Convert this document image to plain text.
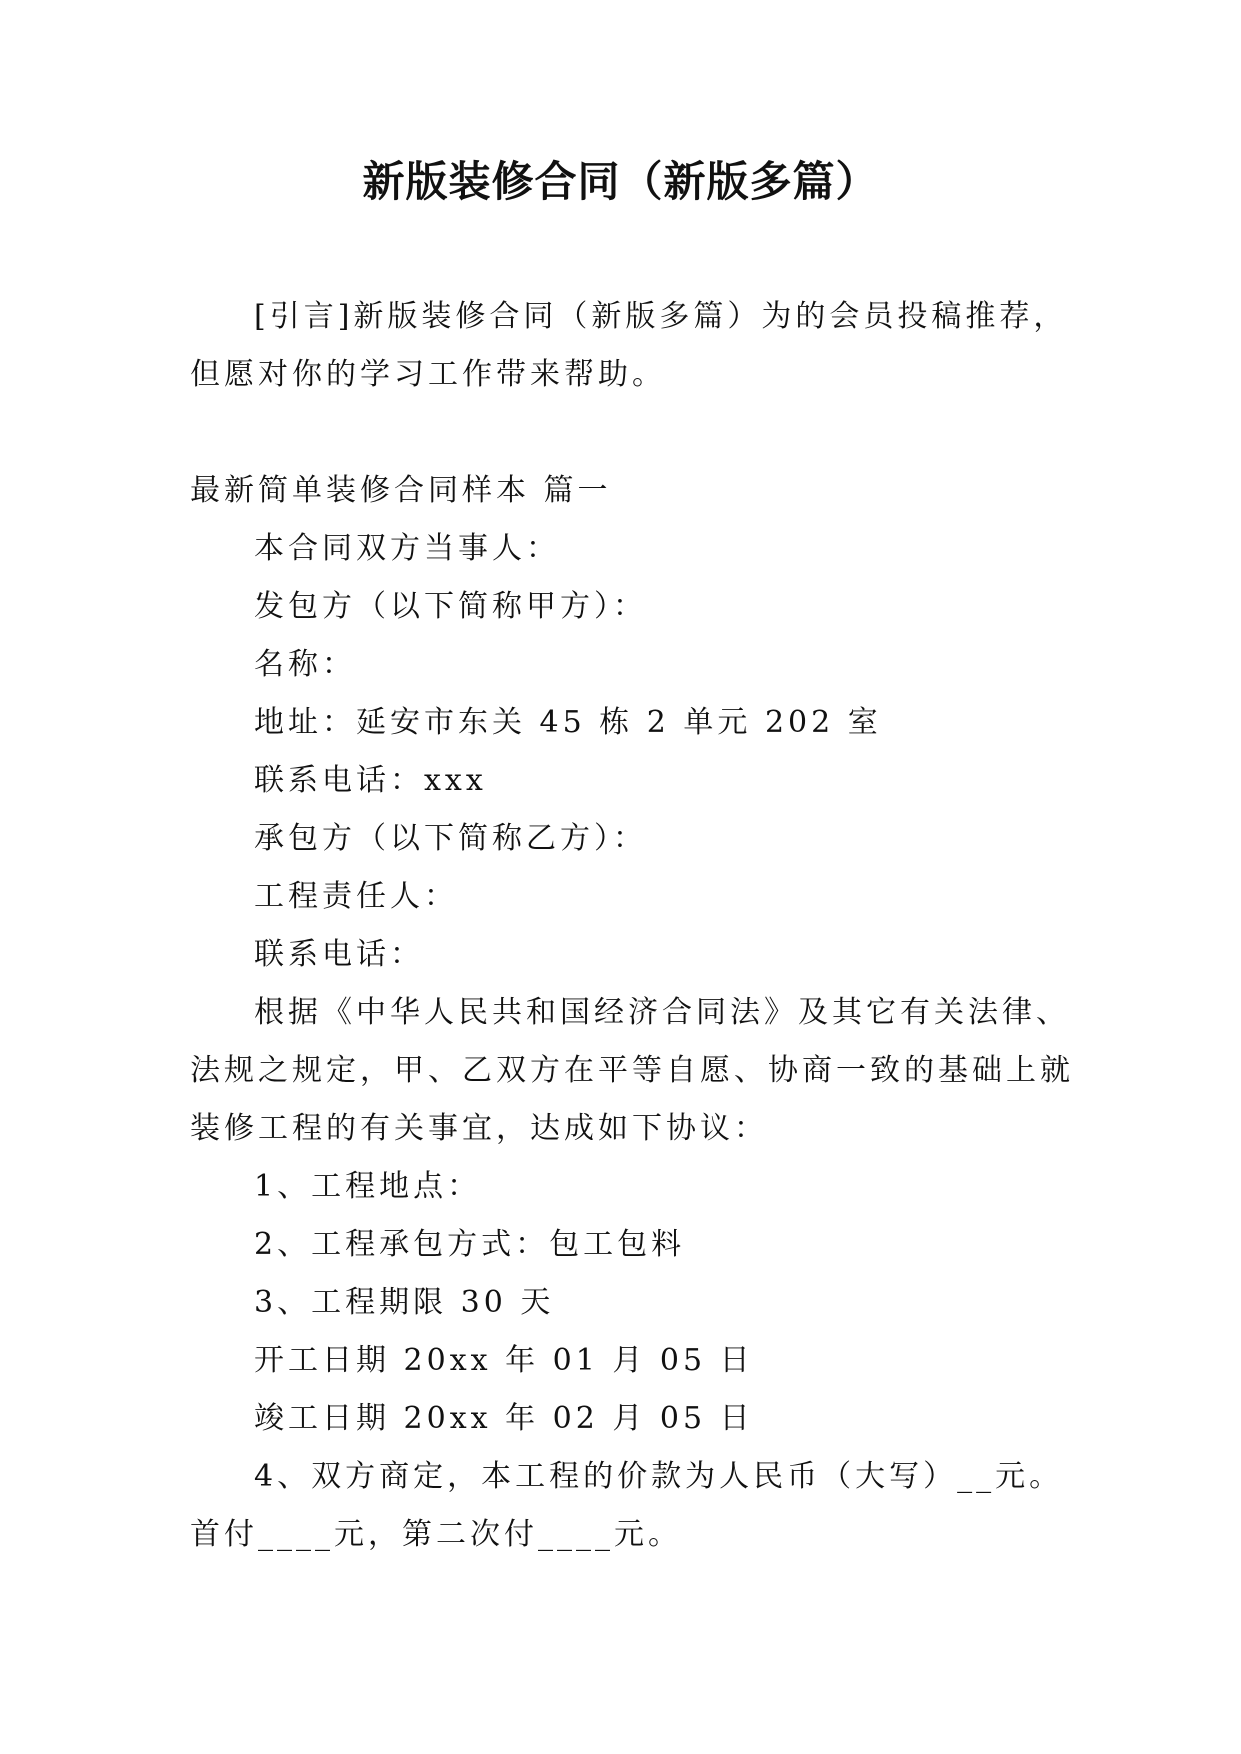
新版装修合同（新版多篇）
[引言]新版装修合同（新版多篇）为的会员投稿推荐，
但愿对你的学习工作带来帮助。
最新简单装修合同样本 篇一
本合同双方当事人：
发包方（以下简称甲方）：
名称：
地址：延安市东关 45 栋 2 单元 202 室
联系电话：xxx
承包方（以下简称乙方）：
工程责任人：
联系电话：
根据《中华人民共和国经济合同法》及其它有关法律、
法规之规定，甲、乙双方在平等自愿、协商一致的基础上就
装修工程的有关事宜，达成如下协议：
1、工程地点：
2、工程承包方式：包工包料
3、工程期限 30 天
开工日期 20xx 年 01 月 05 日
竣工日期 20xx 年 02 月 05 日
4、双方商定，本工程的价款为人民币（大写）__元。
首付____元，第二次付____元。
